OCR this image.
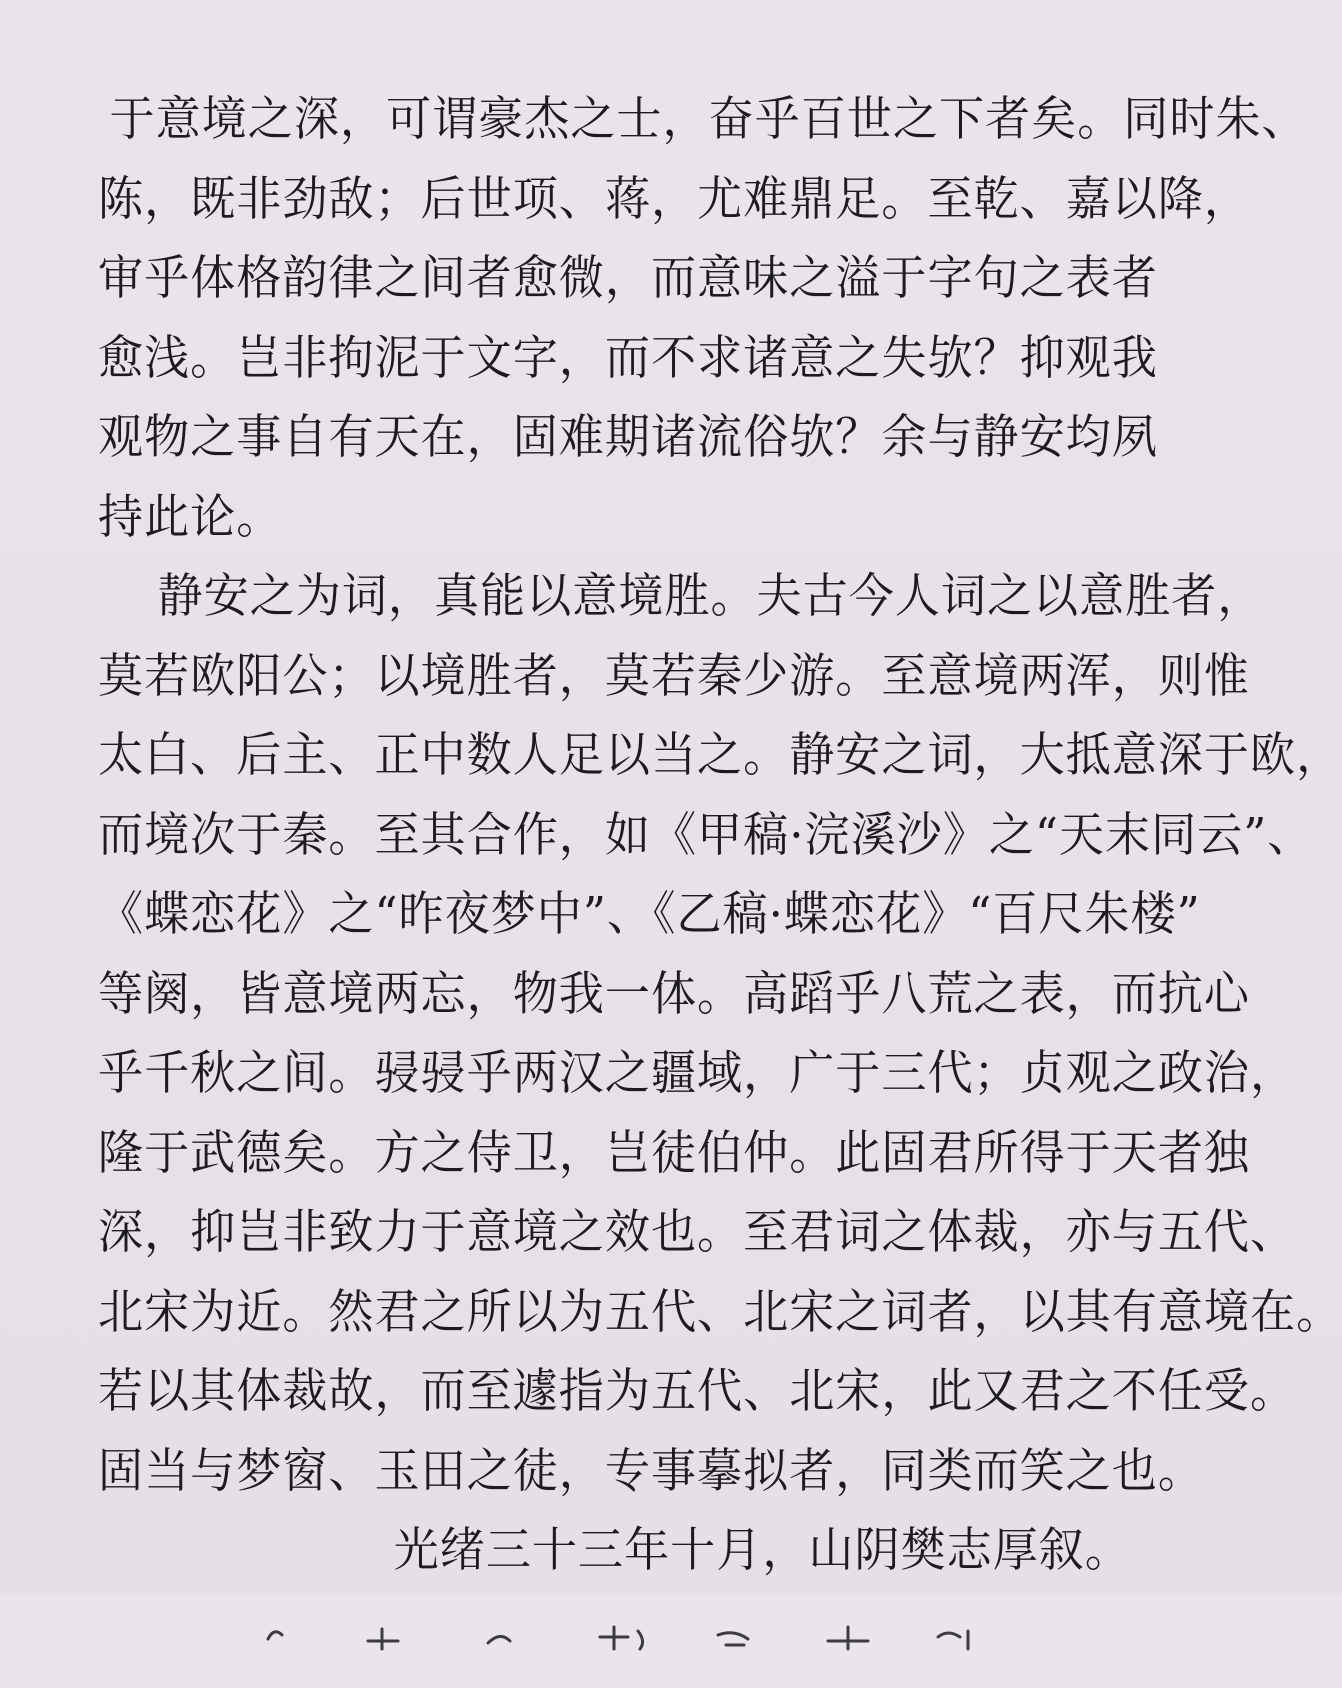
于意境之深，可谓豪杰之士，奋乎百世之下者矣。同时朱、
陈，既非劲敌；后世项、蒋，尤难鼎足。至乾、嘉以降，
审乎体格韵律之间者愈微，而意味之溢于字句之表者
愈浅。岂非拘泥于文字，而不求诸意之失欤？抑观我
观物之事自有天在，固难期诸流俗欤？余与静安均夙
持此论。
静安之为词，真能以意境胜。夫古今人词之以意胜者，
莫若欧阳公；以境胜者，莫若秦少游。至意境两浑，则惟
太白、后主、正中数人足以当之。静安之词，大抵意深于欧，
而境次于秦。至其合作，如《甲稿·浣溪沙》之“天末同云”、
《蝶恋花》之“昨夜梦中”、《乙稿·蝶恋花》“百尺朱楼”
等阕，皆意境两忘，物我一体。高蹈乎八荒之表，而抗心
乎千秋之间。骎骎乎两汉之疆域，广于三代；贞观之政治，
隆于武德矣。方之侍卫，岂徒伯仲。此固君所得于天者独
深，抑岂非致力于意境之效也。至君词之体裁，亦与五代、
北宋为近。然君之所以为五代、北宋之词者，以其有意境在。
若以其体裁故，而至遽指为五代、北宋，此又君之不任受。
固当与梦窗、玉田之徒，专事摹拟者，同类而笑之也。
光绪三十三年十月，山阴樊志厚叙。
